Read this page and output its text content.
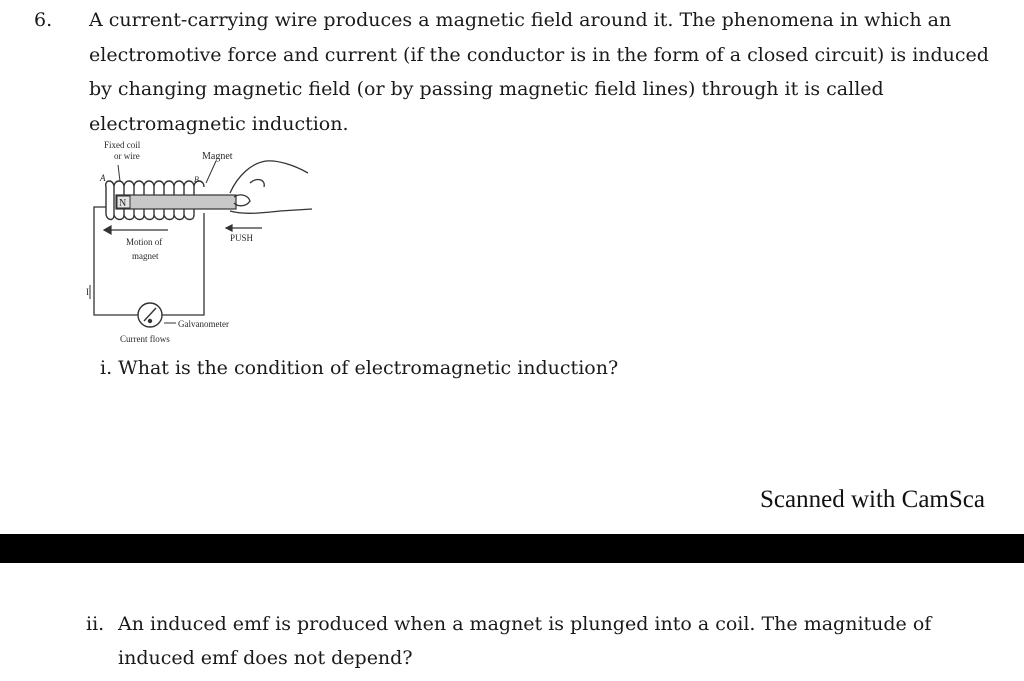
6. A current-carrying wire produces a magnetic field around it. The phenomena in which an electromotive force and current (if the conductor is in the form of a closed circuit) is induced by changing magnetic field (or by passing magnetic field lines) through it is called electromagnetic induction.
Fixed coil
or wire	Magnet
A	B
N
Motion of
magnet
PUSH
I
Galvanometer
Current flows
i. What is the condition of electromagnetic induction?
Scanned with CamSca
ii. An induced emf is produced when a magnet is plunged into a coil. The magnitude of induced emf does not depend?
